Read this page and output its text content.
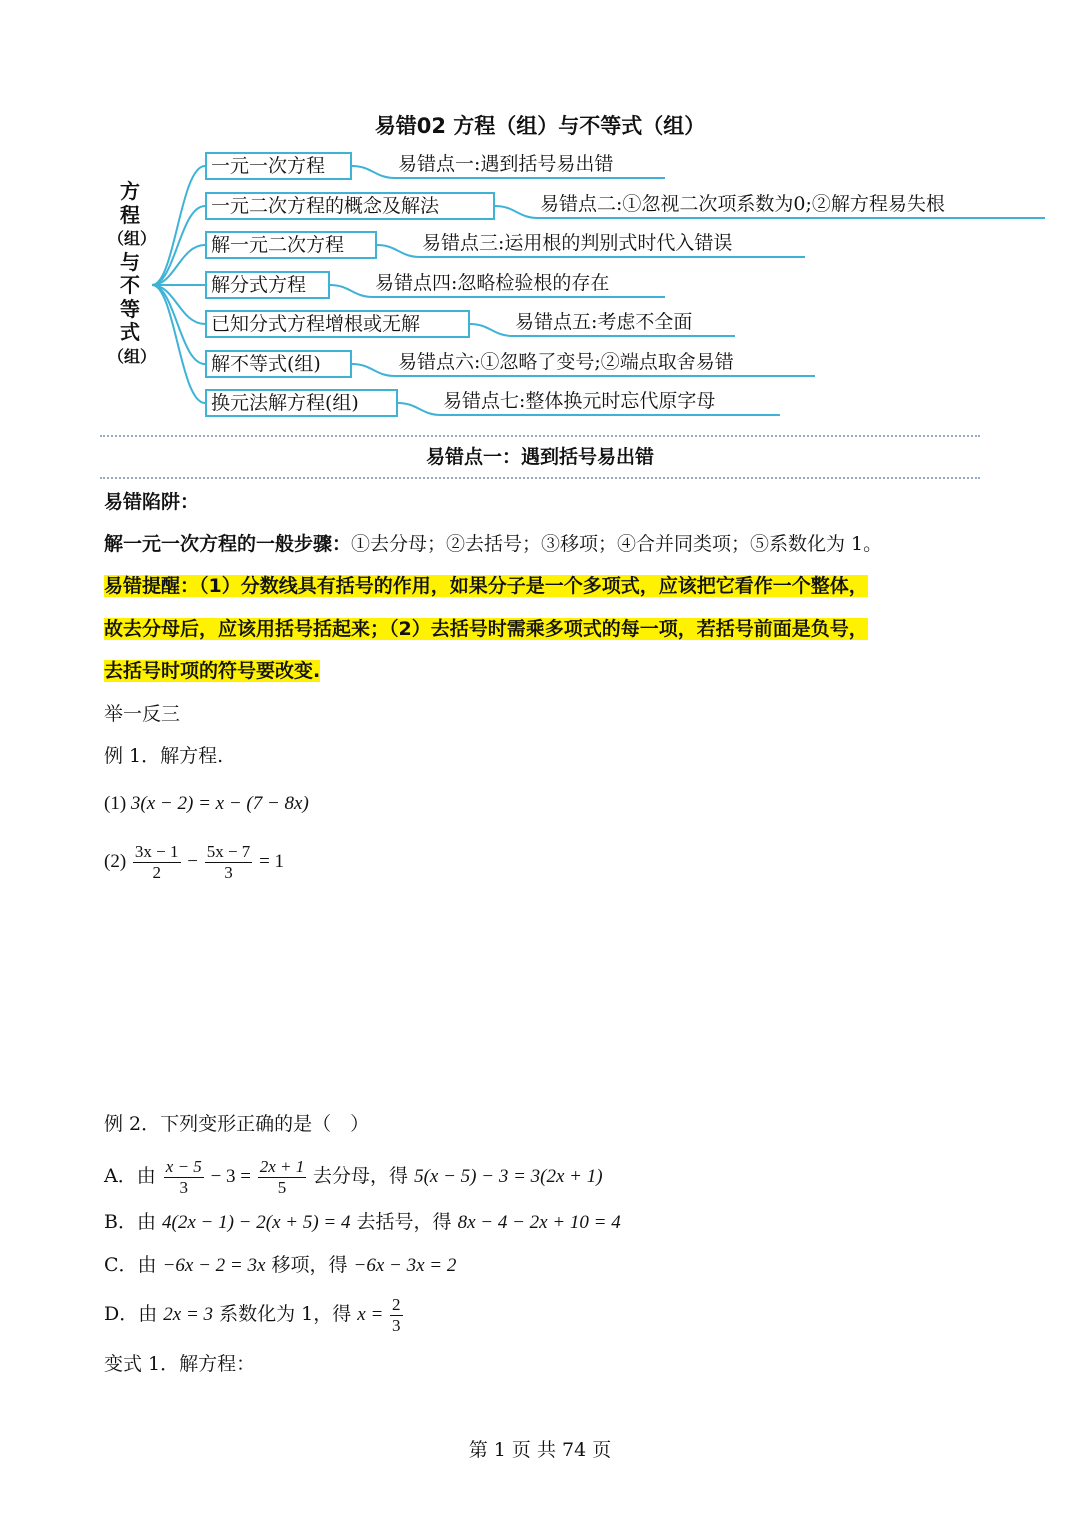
易错02 方程（组）与不等式（组）
方
程
（组）
与
不
等
式
（组）
一元一次方程	易错点一:遇到括号易出错
一元二次方程的概念及解法	易错点二:①忽视二次项系数为0;②解方程易失根
解一元二次方程	易错点三:运用根的判别式时代入错误
解分式方程	易错点四:忽略检验根的存在
已知分式方程增根或无解	易错点五:考虑不全面
解不等式(组)	易错点六:①忽略了变号;②端点取舍易错
换元法解方程(组)	易错点七:整体换元时忘代原字母
易错点一：遇到括号易出错
易错陷阱：
解一元一次方程的一般步骤：①去分母；②去括号；③移项；④合并同类项；⑤系数化为 1。
易错提醒：（1）分数线具有括号的作用，如果分子是一个多项式，应该把它看作一个整体，
故去分母后，应该用括号括起来；（2）去括号时需乘多项式的每一项，若括号前面是负号，
去括号时项的符号要改变.
举一反三
例 1．解方程.
(1) 3(x − 2) = x − (7 − 8x)
$(2) \frac{3x - 1}{2} - \frac{5x - 7}{3} = 1$
例 2．下列变形正确的是（　）
A．由 $\frac{x - 5}{3} - 3 = \frac{2x + 1}{5}$ 去分母，得 5(x − 5) − 3 = 3(2x + 1)
B．由 4(2x − 1) − 2(x + 5) = 4 去括号，得 8x − 4 − 2x + 10 = 4
C．由 −6x − 2 = 3x 移项，得 −6x − 3x = 2
D．由 2x = 3 系数化为 1，得 $x = \frac{2}{3}$
变式 1．解方程：
第 1 页 共 74 页
